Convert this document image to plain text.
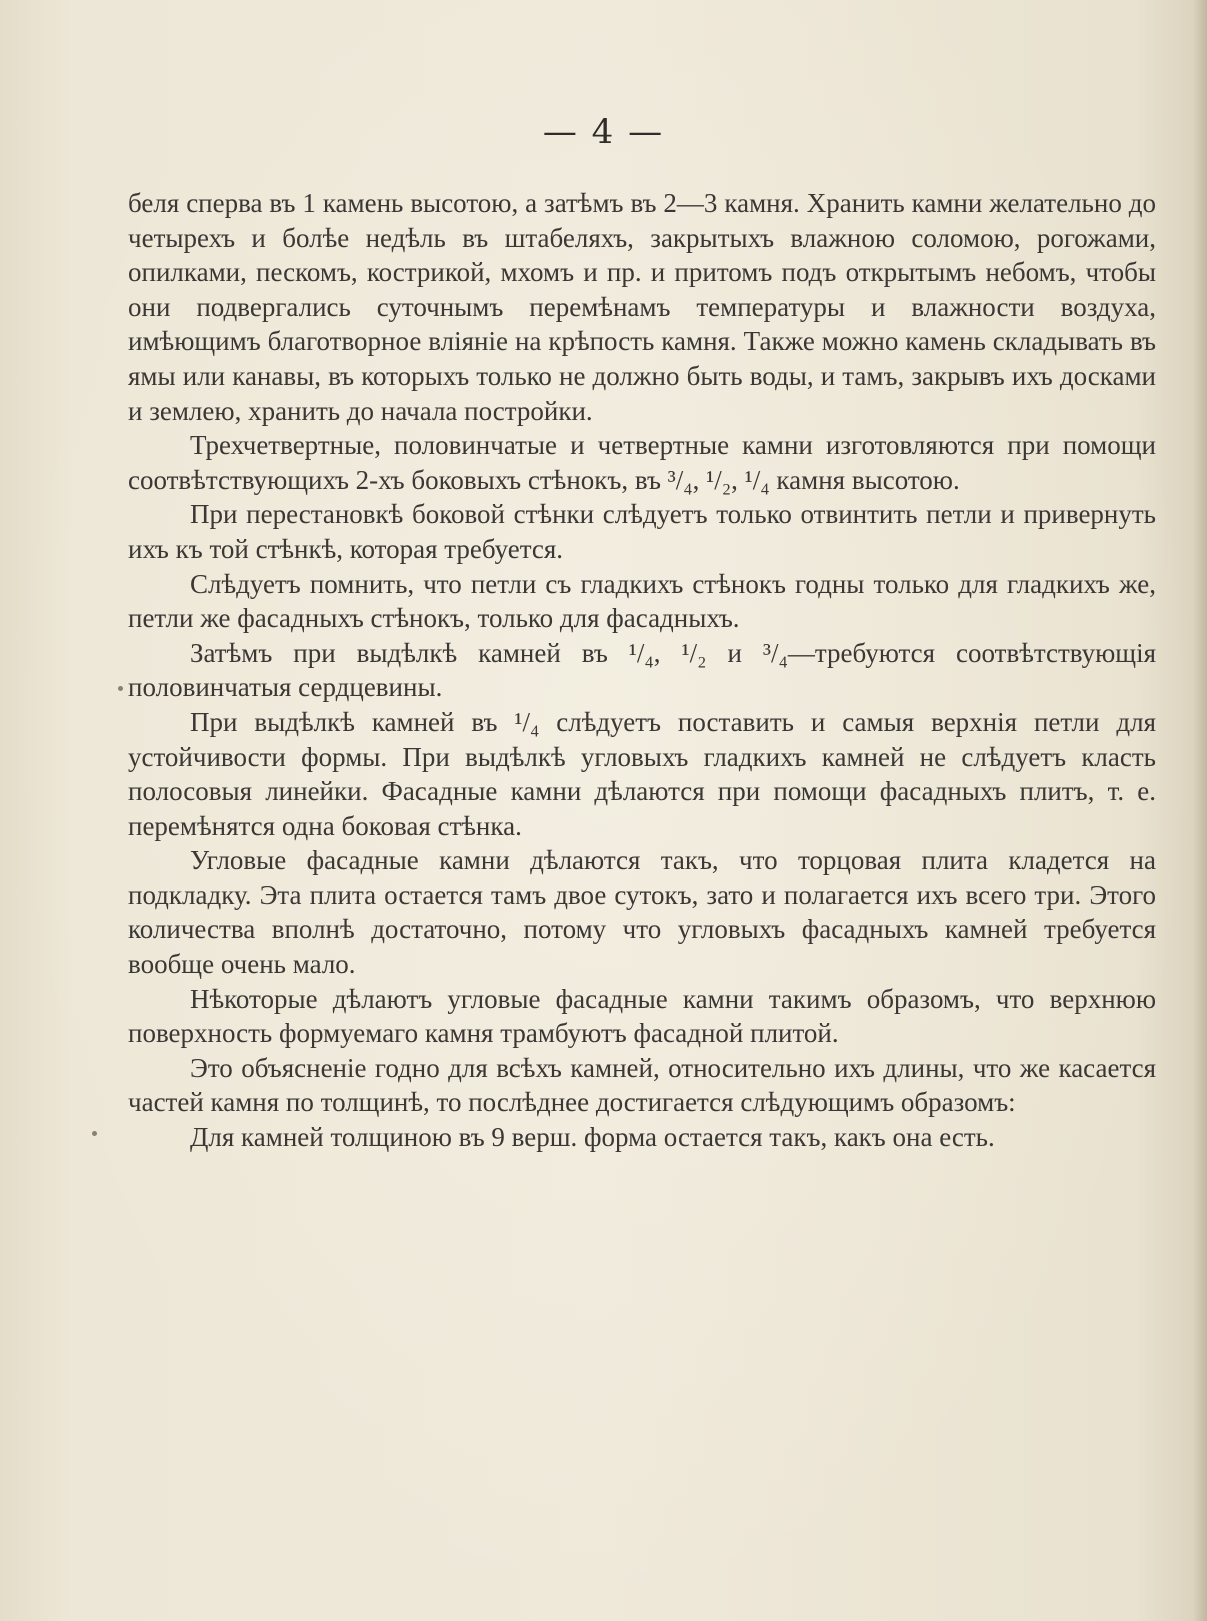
— 4 —

беля сперва въ 1 камень высотою, а затѣмъ въ 2—3 камня. Хранить камни желательно до четырехъ и болѣе недѣль въ штабеляхъ, закрытыхъ влажною соломою, рогожами, опилками, пескомъ, кострикой, мхомъ и пр. и притомъ подъ открытымъ небомъ, чтобы они подвергались суточнымъ перемѣнамъ температуры и влажности воздуха, имѣющимъ благотворное вліяніе на крѣпость камня. Также можно камень складывать въ ямы или канавы, въ которыхъ только не должно быть воды, и тамъ, закрывъ ихъ досками и землею, хранить до начала постройки.

Трехчетвертные, половинчатые и четвертные камни изготовляются при помощи соотвѣтствующихъ 2-хъ боковыхъ стѣнокъ, въ ³/₄, ¹/₂, ¹/₄ камня высотою.

При перестановкѣ боковой стѣнки слѣдуетъ только отвинтить петли и привернуть ихъ къ той стѣнкѣ, которая требуется.

Слѣдуетъ помнить, что петли съ гладкихъ стѣнокъ годны только для гладкихъ же, петли же фасадныхъ стѣнокъ, только для фасадныхъ.

Затѣмъ при выдѣлкѣ камней въ ¹/₄, ¹/₂ и ³/₄—требуются соотвѣтствующія половинчатыя сердцевины.

При выдѣлкѣ камней въ ¹/₄ слѣдуетъ поставить и самыя верхнія петли для устойчивости формы. При выдѣлкѣ угловыхъ гладкихъ камней не слѣдуетъ класть полосовыя линейки. Фасадные камни дѣлаются при помощи фасадныхъ плитъ, т. е. перемѣнятся одна боковая стѣнка.

Угловые фасадные камни дѣлаются такъ, что торцовая плита кладется на подкладку. Эта плита остается тамъ двое сутокъ, зато и полагается ихъ всего три. Этого количества вполнѣ достаточно, потому что угловыхъ фасадныхъ камней требуется вообще очень мало.

Нѣкоторые дѣлаютъ угловые фасадные камни такимъ образомъ, что верхнюю поверхность формуемаго камня трамбуютъ фасадной плитой.

Это объясненіе годно для всѣхъ камней, относительно ихъ длины, что же касается частей камня по толщинѣ, то послѣднее достигается слѣдующимъ образомъ:

Для камней толщиною въ 9 верш. форма остается такъ, какъ она есть.
